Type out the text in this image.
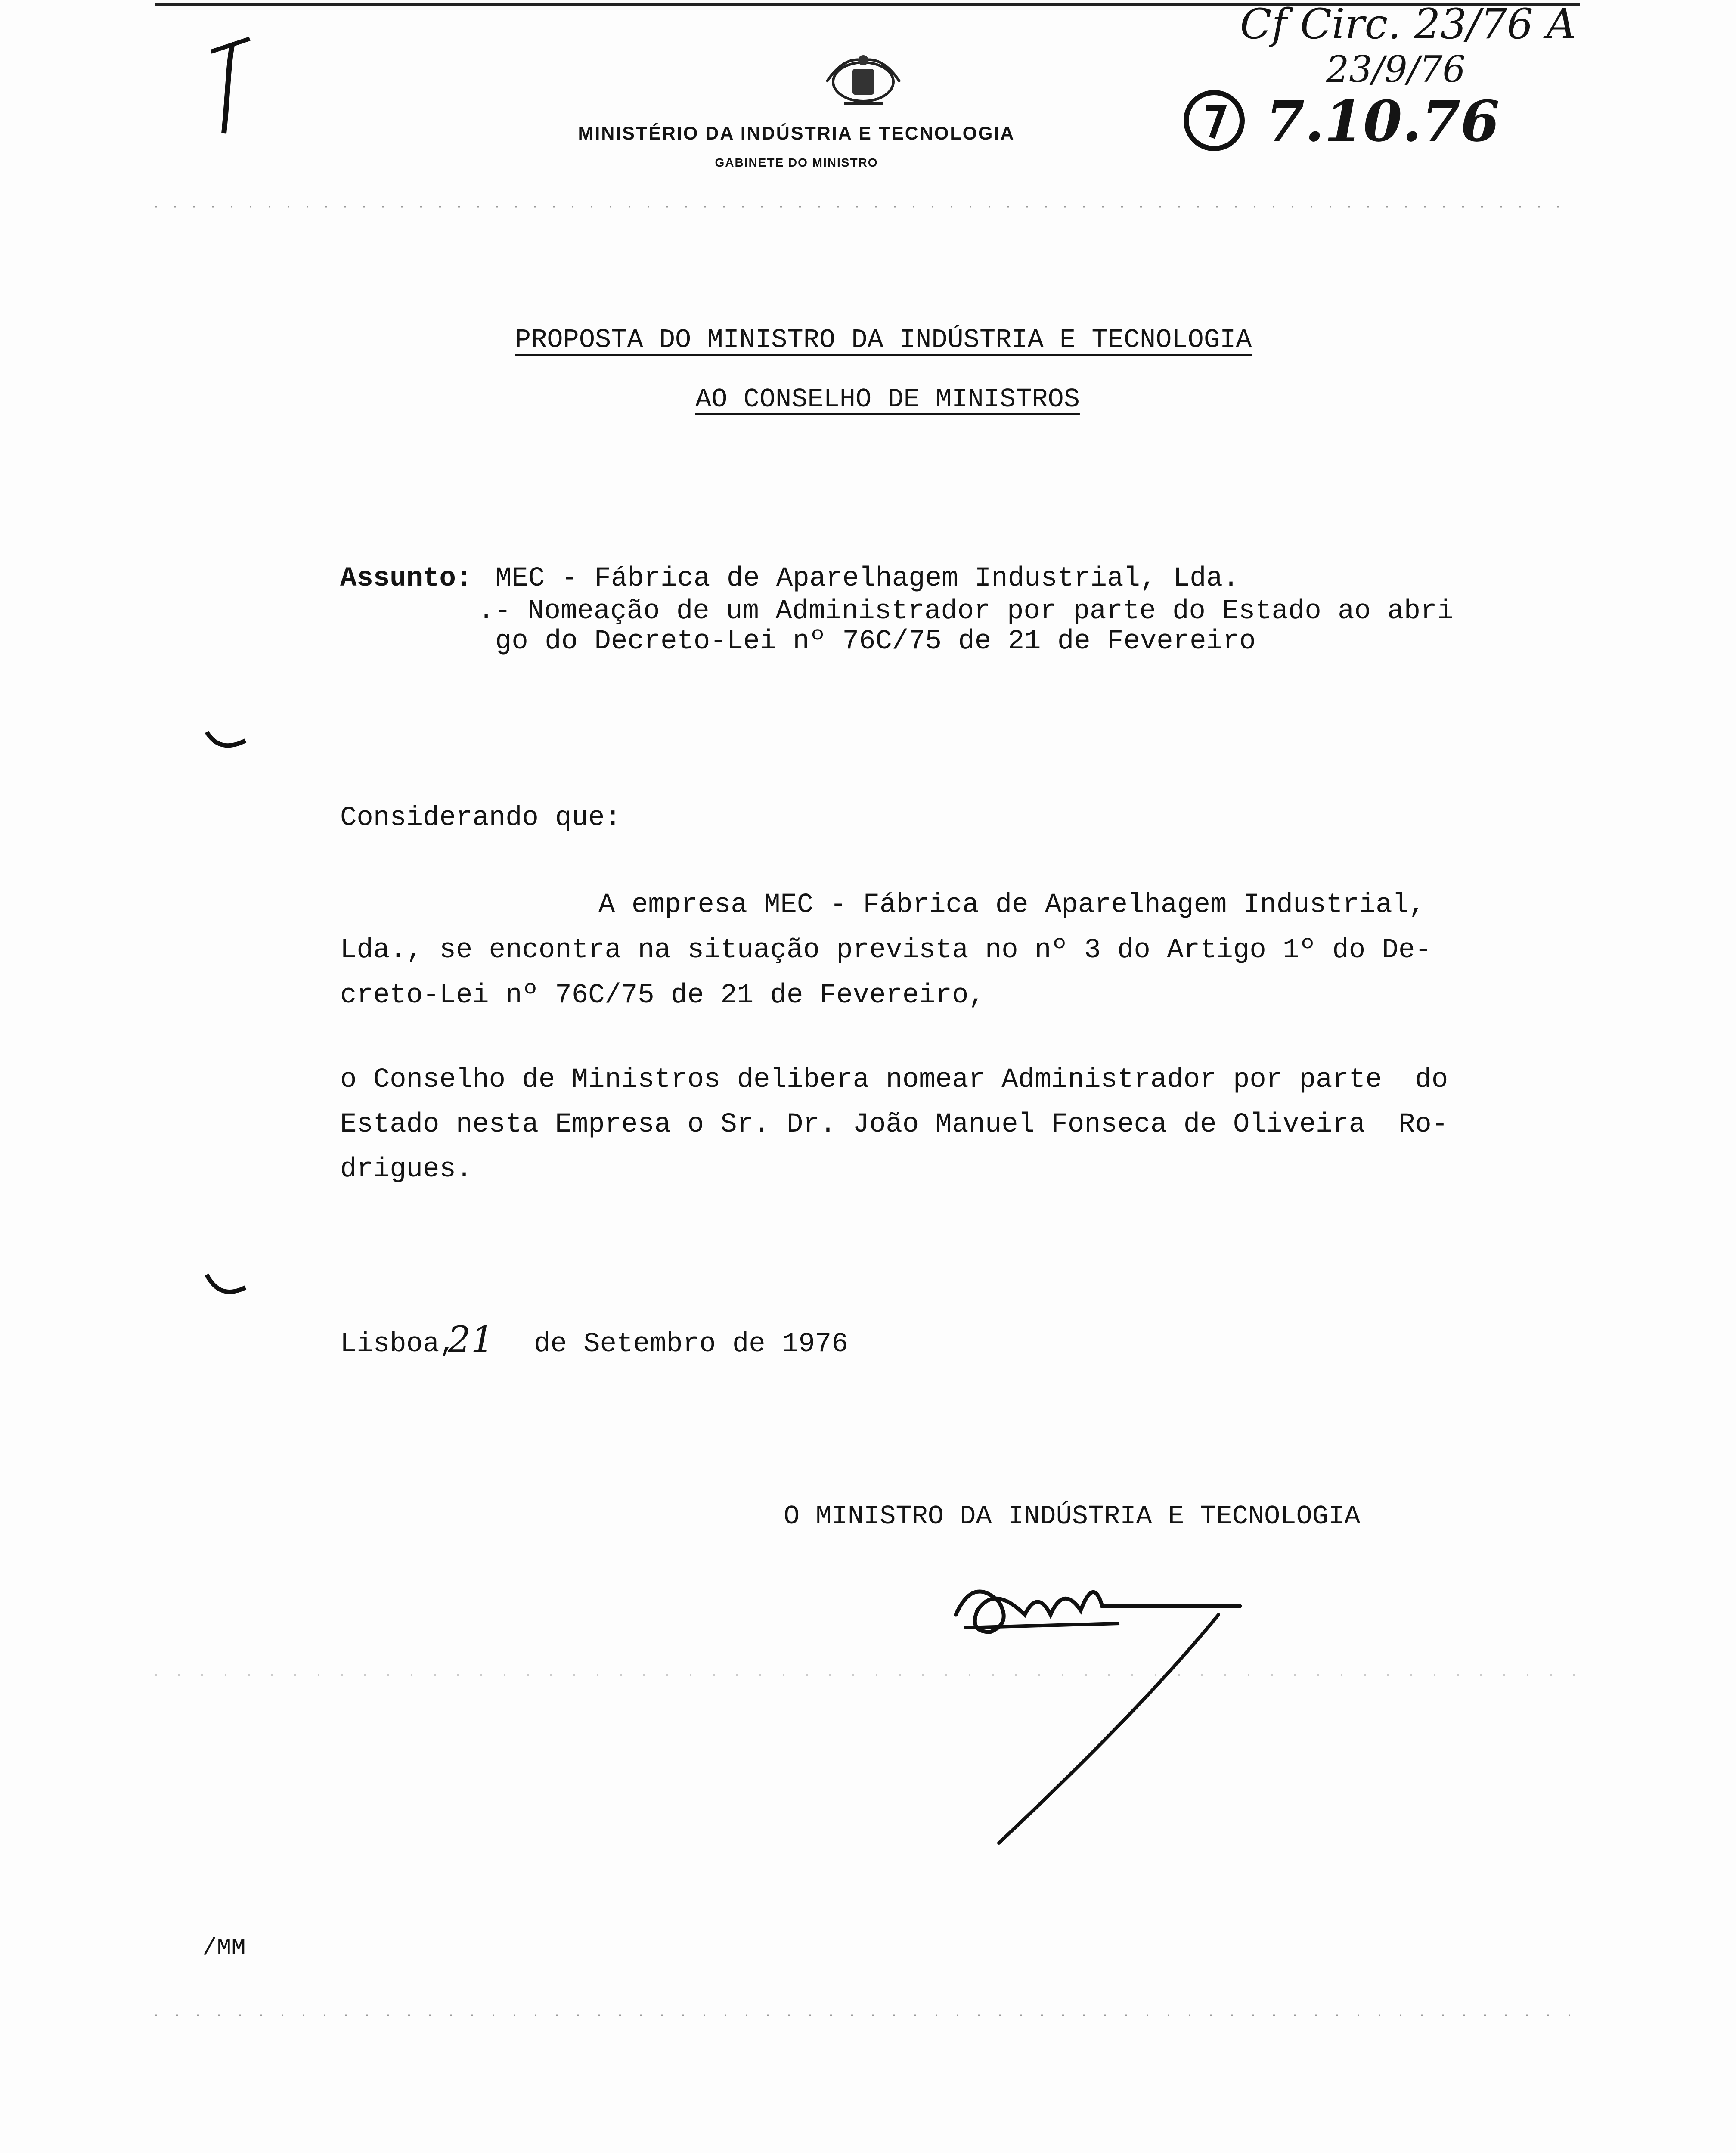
MINISTÉRIO DA INDÚSTRIA E TECNOLOGIA
GABINETE DO MINISTRO
Cf Circ. 23/76 A
23/9/76
7.10.76
PROPOSTA DO MINISTRO DA INDÚSTRIA E TECNOLOGIA
AO CONSELHO DE MINISTROS
Assunto: MEC - Fábrica de Aparelhagem Industrial, Lda.
.- Nomeação de um Administrador por parte do Estado ao abri
go do Decreto-Lei nº 76C/75 de 21 de Fevereiro
Considerando que:
A empresa MEC - Fábrica de Aparelhagem Industrial,
Lda., se encontra na situação prevista no nº 3 do Artigo 1º do De-
creto-Lei nº 76C/75 de 21 de Fevereiro,
o Conselho de Ministros delibera nomear Administrador por parte  do
Estado nesta Empresa o Sr. Dr. João Manuel Fonseca de Oliveira  Ro-
drigues.
Lisboa,
21 de Setembro de 1976
O MINISTRO DA INDÚSTRIA E TECNOLOGIA
/MM
